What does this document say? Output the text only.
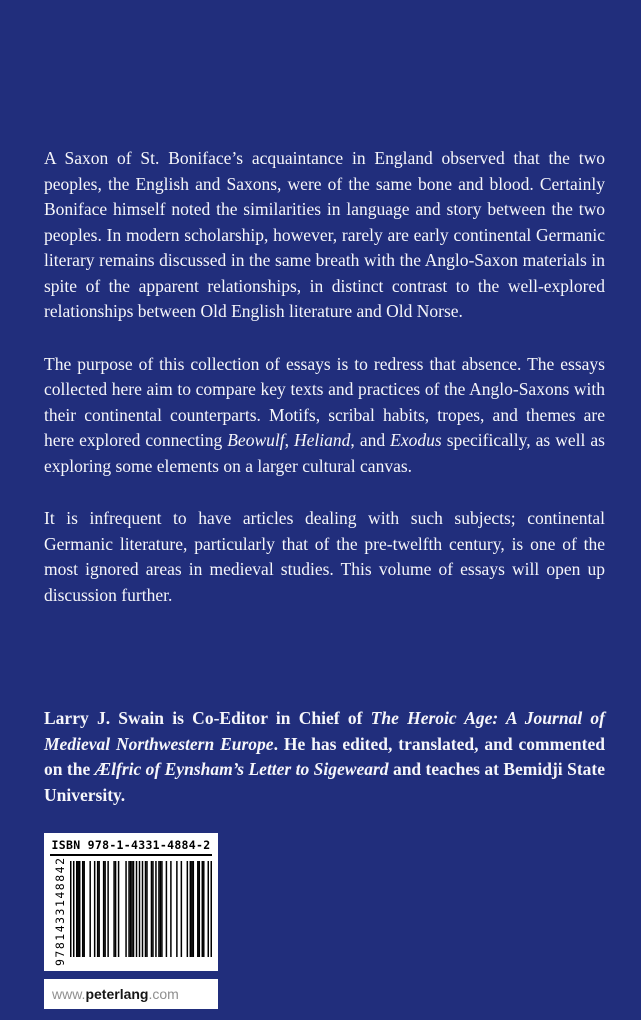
A Saxon of St. Boniface’s acquaintance in England observed that the two peoples, the English and Saxons, were of the same bone and blood. Certainly Boniface himself noted the similarities in language and story between the two peoples. In modern scholarship, however, rarely are early continental Germanic literary remains discussed in the same breath with the Anglo-Saxon materials in spite of the apparent relationships, in distinct contrast to the well-explored relationships between Old English literature and Old Norse.

The purpose of this collection of essays is to redress that absence. The essays collected here aim to compare key texts and practices of the Anglo-Saxons with their continental counterparts. Motifs, scribal habits, tropes, and themes are here explored connecting Beowulf, Heliand, and Exodus specifically, as well as exploring some elements on a larger cultural canvas.

It is infrequent to have articles dealing with such subjects; continental Germanic literature, particularly that of the pre-twelfth century, is one of the most ignored areas in medieval studies. This volume of essays will open up discussion further.

Larry J. Swain is Co-Editor in Chief of The Heroic Age: A Journal of Medieval Northwestern Europe. He has edited, translated, and commented on the Ælfric of Eynsham’s Letter to Sigeweard and teaches at Bemidji State University.

ISBN 978-1-4331-4884-2
9781433148842
www.peterlang.com
